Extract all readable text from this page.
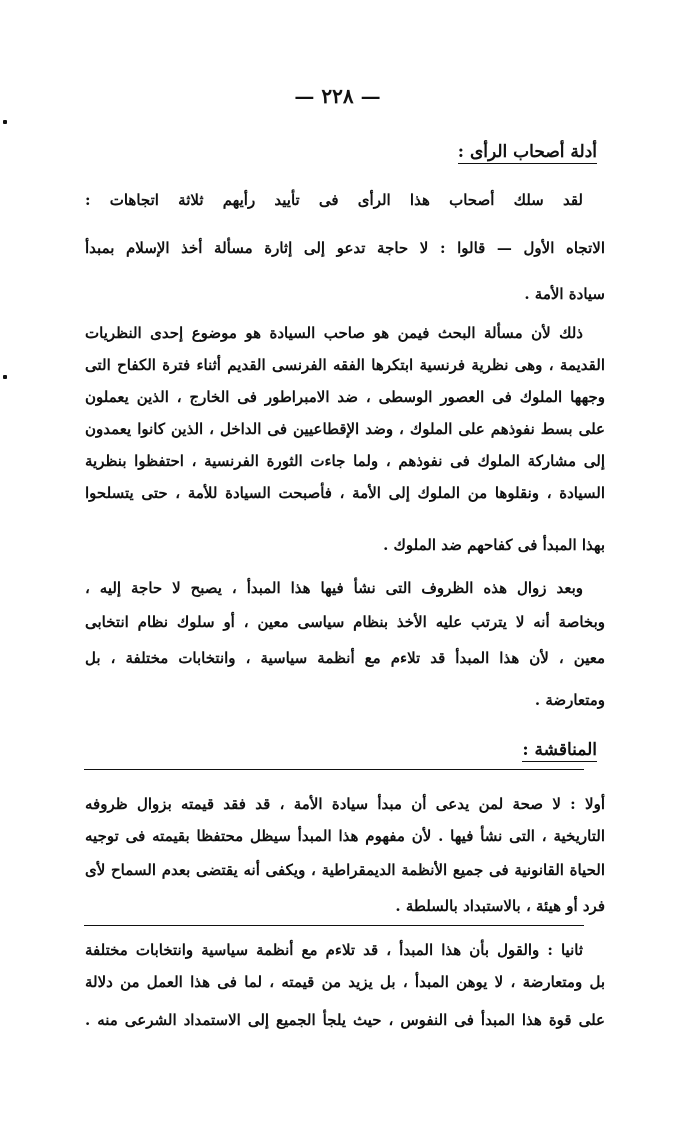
— ٢٢٨ —
أدلة أصحاب الرأى :
لقد سلك أصحاب هذا الرأى فى تأييد رأيهم ثلاثة اتجاهات :
الاتجاه الأول — قالوا : لا حاجة تدعو إلى إثارة مسألة أخذ الإسلام بمبدأ
سيادة الأمة .
ذلك لأن مسألة البحث فيمن هو صاحب السيادة هو موضوع إحدى النظريات
القديمة ، وهى نظرية فرنسية ابتكرها الفقه الفرنسى القديم أثناء فترة الكفاح التى
وجهها الملوك فى العصور الوسطى ، ضد الامبراطور فى الخارج ، الذين يعملون
على بسط نفوذهم على الملوك ، وضد الإقطاعيين فى الداخل ، الذين كانوا يعمدون
إلى مشاركة الملوك فى نفوذهم ، ولما جاءت الثورة الفرنسية ، احتفظوا بنظرية
السيادة ، ونقلوها من الملوك إلى الأمة ، فأصبحت السيادة للأمة ، حتى يتسلحوا
بهذا المبدأ فى كفاحهم ضد الملوك .
وبعد زوال هذه الظروف التى نشأ فيها هذا المبدأ ، يصبح لا حاجة إليه ،
وبخاصة أنه لا يترتب عليه الأخذ بنظام سياسى معين ، أو سلوك نظام انتخابى
معين ، لأن هذا المبدأ قد تلاءم مع أنظمة سياسية ، وانتخابات مختلفة ، بل
ومتعارضة .
المناقشة :
أولا : لا صحة لمن يدعى أن مبدأ سيادة الأمة ، قد فقد قيمته بزوال ظروفه
التاريخية ، التى نشأ فيها . لأن مفهوم هذا المبدأ سيظل محتفظا بقيمته فى توجيه
الحياة القانونية فى جميع الأنظمة الديمقراطية ، ويكفى أنه يقتضى بعدم السماح لأى
فرد أو هيئة ، بالاستبداد بالسلطة .
ثانيا : والقول بأن هذا المبدأ ، قد تلاءم مع أنظمة سياسية وانتخابات مختلفة
بل ومتعارضة ، لا يوهن المبدأ ، بل يزيد من قيمته ، لما فى هذا العمل من دلالة
على قوة هذا المبدأ فى النفوس ، حيث يلجأ الجميع إلى الاستمداد الشرعى منه .
